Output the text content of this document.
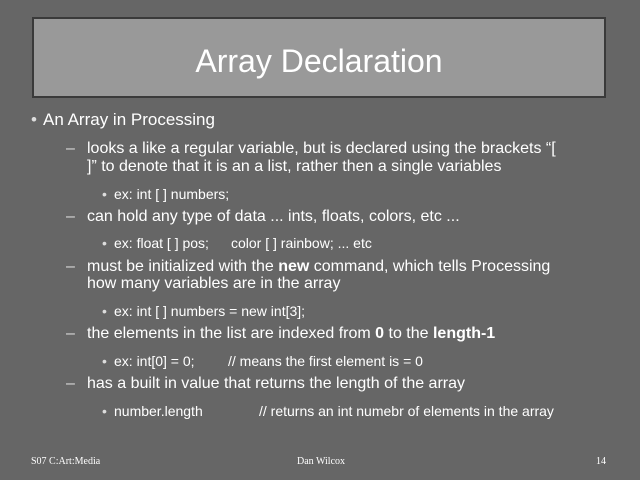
Array Declaration
• An Array in Processing
– looks a like a regular variable, but is declared using the brackets “[
]” to denote that it is an a list, rather then a single variables
• ex: int [ ] numbers;
– can hold any type of data ... ints, floats, colors, etc ...
• ex: float [ ] pos; color [ ] rainbow; ... etc
– must be initialized with the new command, which tells Processing
how many variables are in the array
• ex: int [ ] numbers = new int[3];
– the elements in the list are indexed from 0 to the length-1
• ex: int[0] = 0; // means the first element is = 0
– has a built in value that returns the length of the array
• number.length	// returns an int numebr of elements in the array
S07 C:Art:Media	Dan Wilcox	14
